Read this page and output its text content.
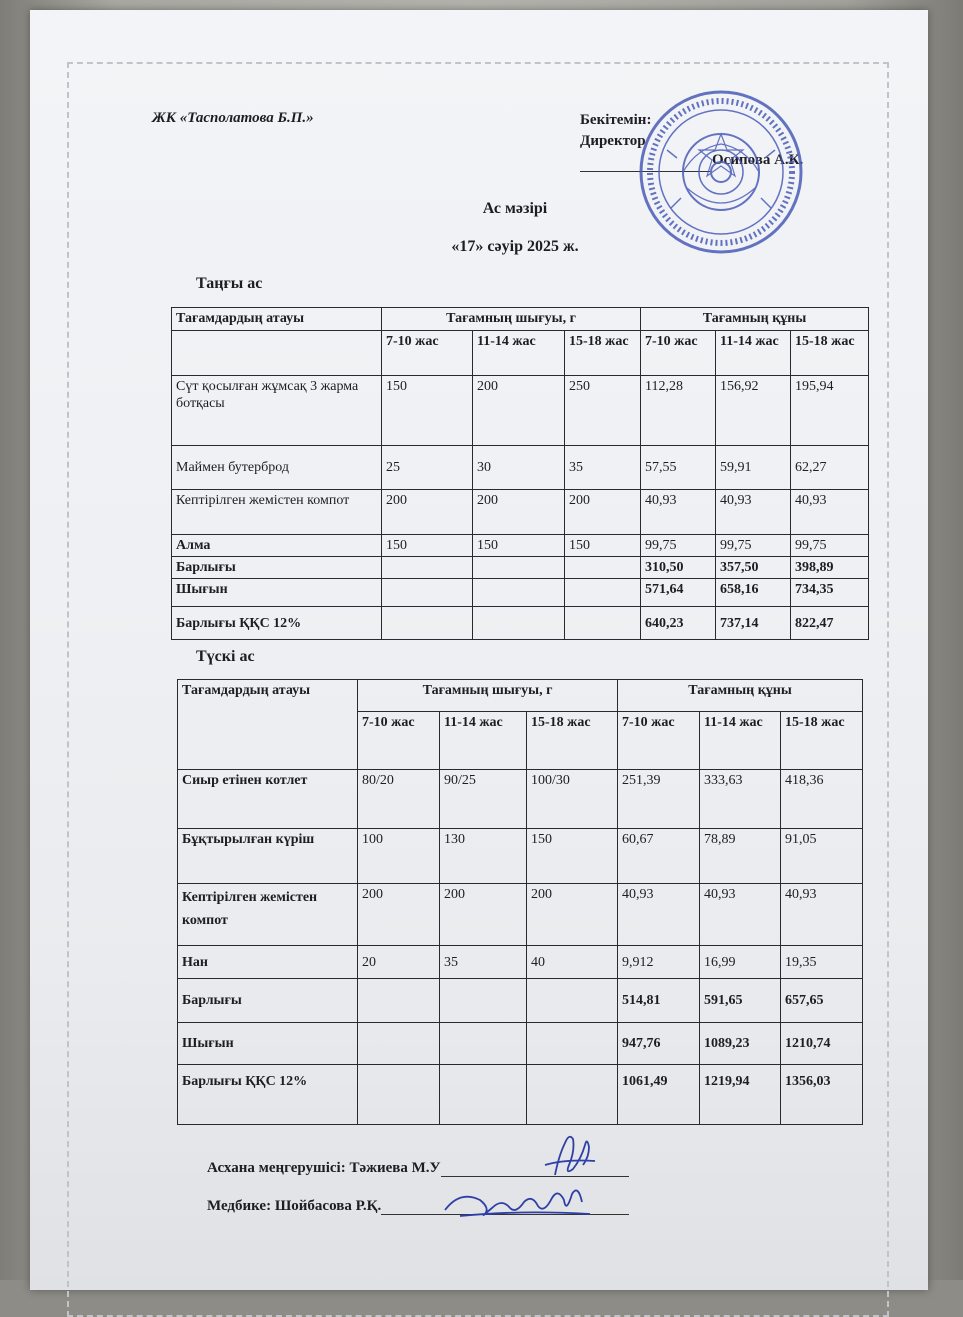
ЖК «Тасполатова Б.П.»	Бекітемін:
Директор
Осипова А.К.
Ас мәзірі
«17» сәуір 2025 ж.
Таңғы ас
Тағамдардың атауы	Тағамның шығуы, г			Тағамның құны		
	7-10 жас	11-14 жас	15-18 жас	7-10 жас	11-14 жас	15-18 жас
Сүт қосылған жұмсақ 3 жарма ботқасы	150	200	250	112,28	156,92	195,94
Маймен бутерброд	25	30	35	57,55	59,91	62,27
Кептірілген жемістен компот	200	200	200	40,93	40,93	40,93
Алма	150	150	150	99,75	99,75	99,75
Барлығы				310,50	357,50	398,89
Шығын				571,64	658,16	734,35
Барлығы ҚҚС 12%				640,23	737,14	822,47
Түскі ас
Тағамдардың атауы	Тағамның шығуы, г			Тағамның құны		
	7-10 жас	11-14 жас	15-18 жас	7-10 жас	11-14 жас	15-18 жас
Сиыр етінен котлет	80/20	90/25	100/30	251,39	333,63	418,36
Бұқтырылған күріш	100	130	150	60,67	78,89	91,05
Кептірілген жемістен компот	200	200	200	40,93	40,93	40,93
Нан	20	35	40	9,912	16,99	19,35
Барлығы				514,81	591,65	657,65
Шығын				947,76	1089,23	1210,74
Барлығы ҚҚС 12%				1061,49	1219,94	1356,03
Асхана меңгерушісі: Тәжиева М.У
Медбике: Шойбасова Р.Қ.
